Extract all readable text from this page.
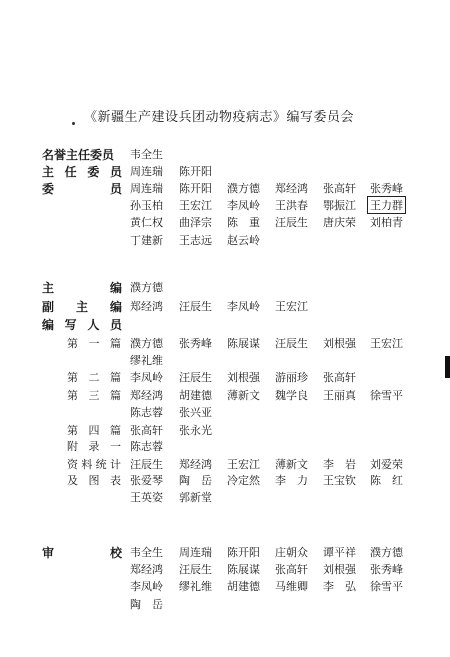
《新疆生产建设兵团动物疫病志》编写委员会
名誉主任委员	韦全生
主 任 委 员 周连瑞 陈开阳
委	员 周连瑞 陈开阳 濮方德 郑经鸿 张高轩 张秀峰
孙玉柏 王宏江 李凤岭 王洪春 鄂振江 王力群
黄仁权 曲泽宗 陈　重 汪辰生 唐庆荣 刘柏青
丁建新 王志远 赵云岭
主	编 濮方德
副 主 编 郑经鸿 汪辰生 李凤岭 王宏江
编 写 人 员
第 一 篇 濮方德 张秀峰 陈展谋 汪辰生 刘根强 王宏江
缪礼维
第 二 篇 李凤岭 汪辰生 刘根强 游丽珍 张高轩
第 三 篇 郑经鸿 胡建德 薄新文 魏学良 王丽真 徐雪平
陈志蓉 张兴亚
第 四 篇 张高轩 张永光
附 录 一 陈志蓉
资 料 统 计 汪辰生 郑经鸿 王宏江 薄新文 李　岩 刘爱荣
及 图 表 张爱琴 陶　岳 冷定然 李　力 王宝钦 陈　红
王英姿 郭新堂
审	校 韦全生 周连瑞 陈开阳 庄朝众 谭平祥 濮方德
郑经鸿 汪辰生 陈展谋 张高轩 刘根强 张秀峰
李凤岭 缪礼维 胡建德 马维卿 李　弘 徐雪平
陶　岳
